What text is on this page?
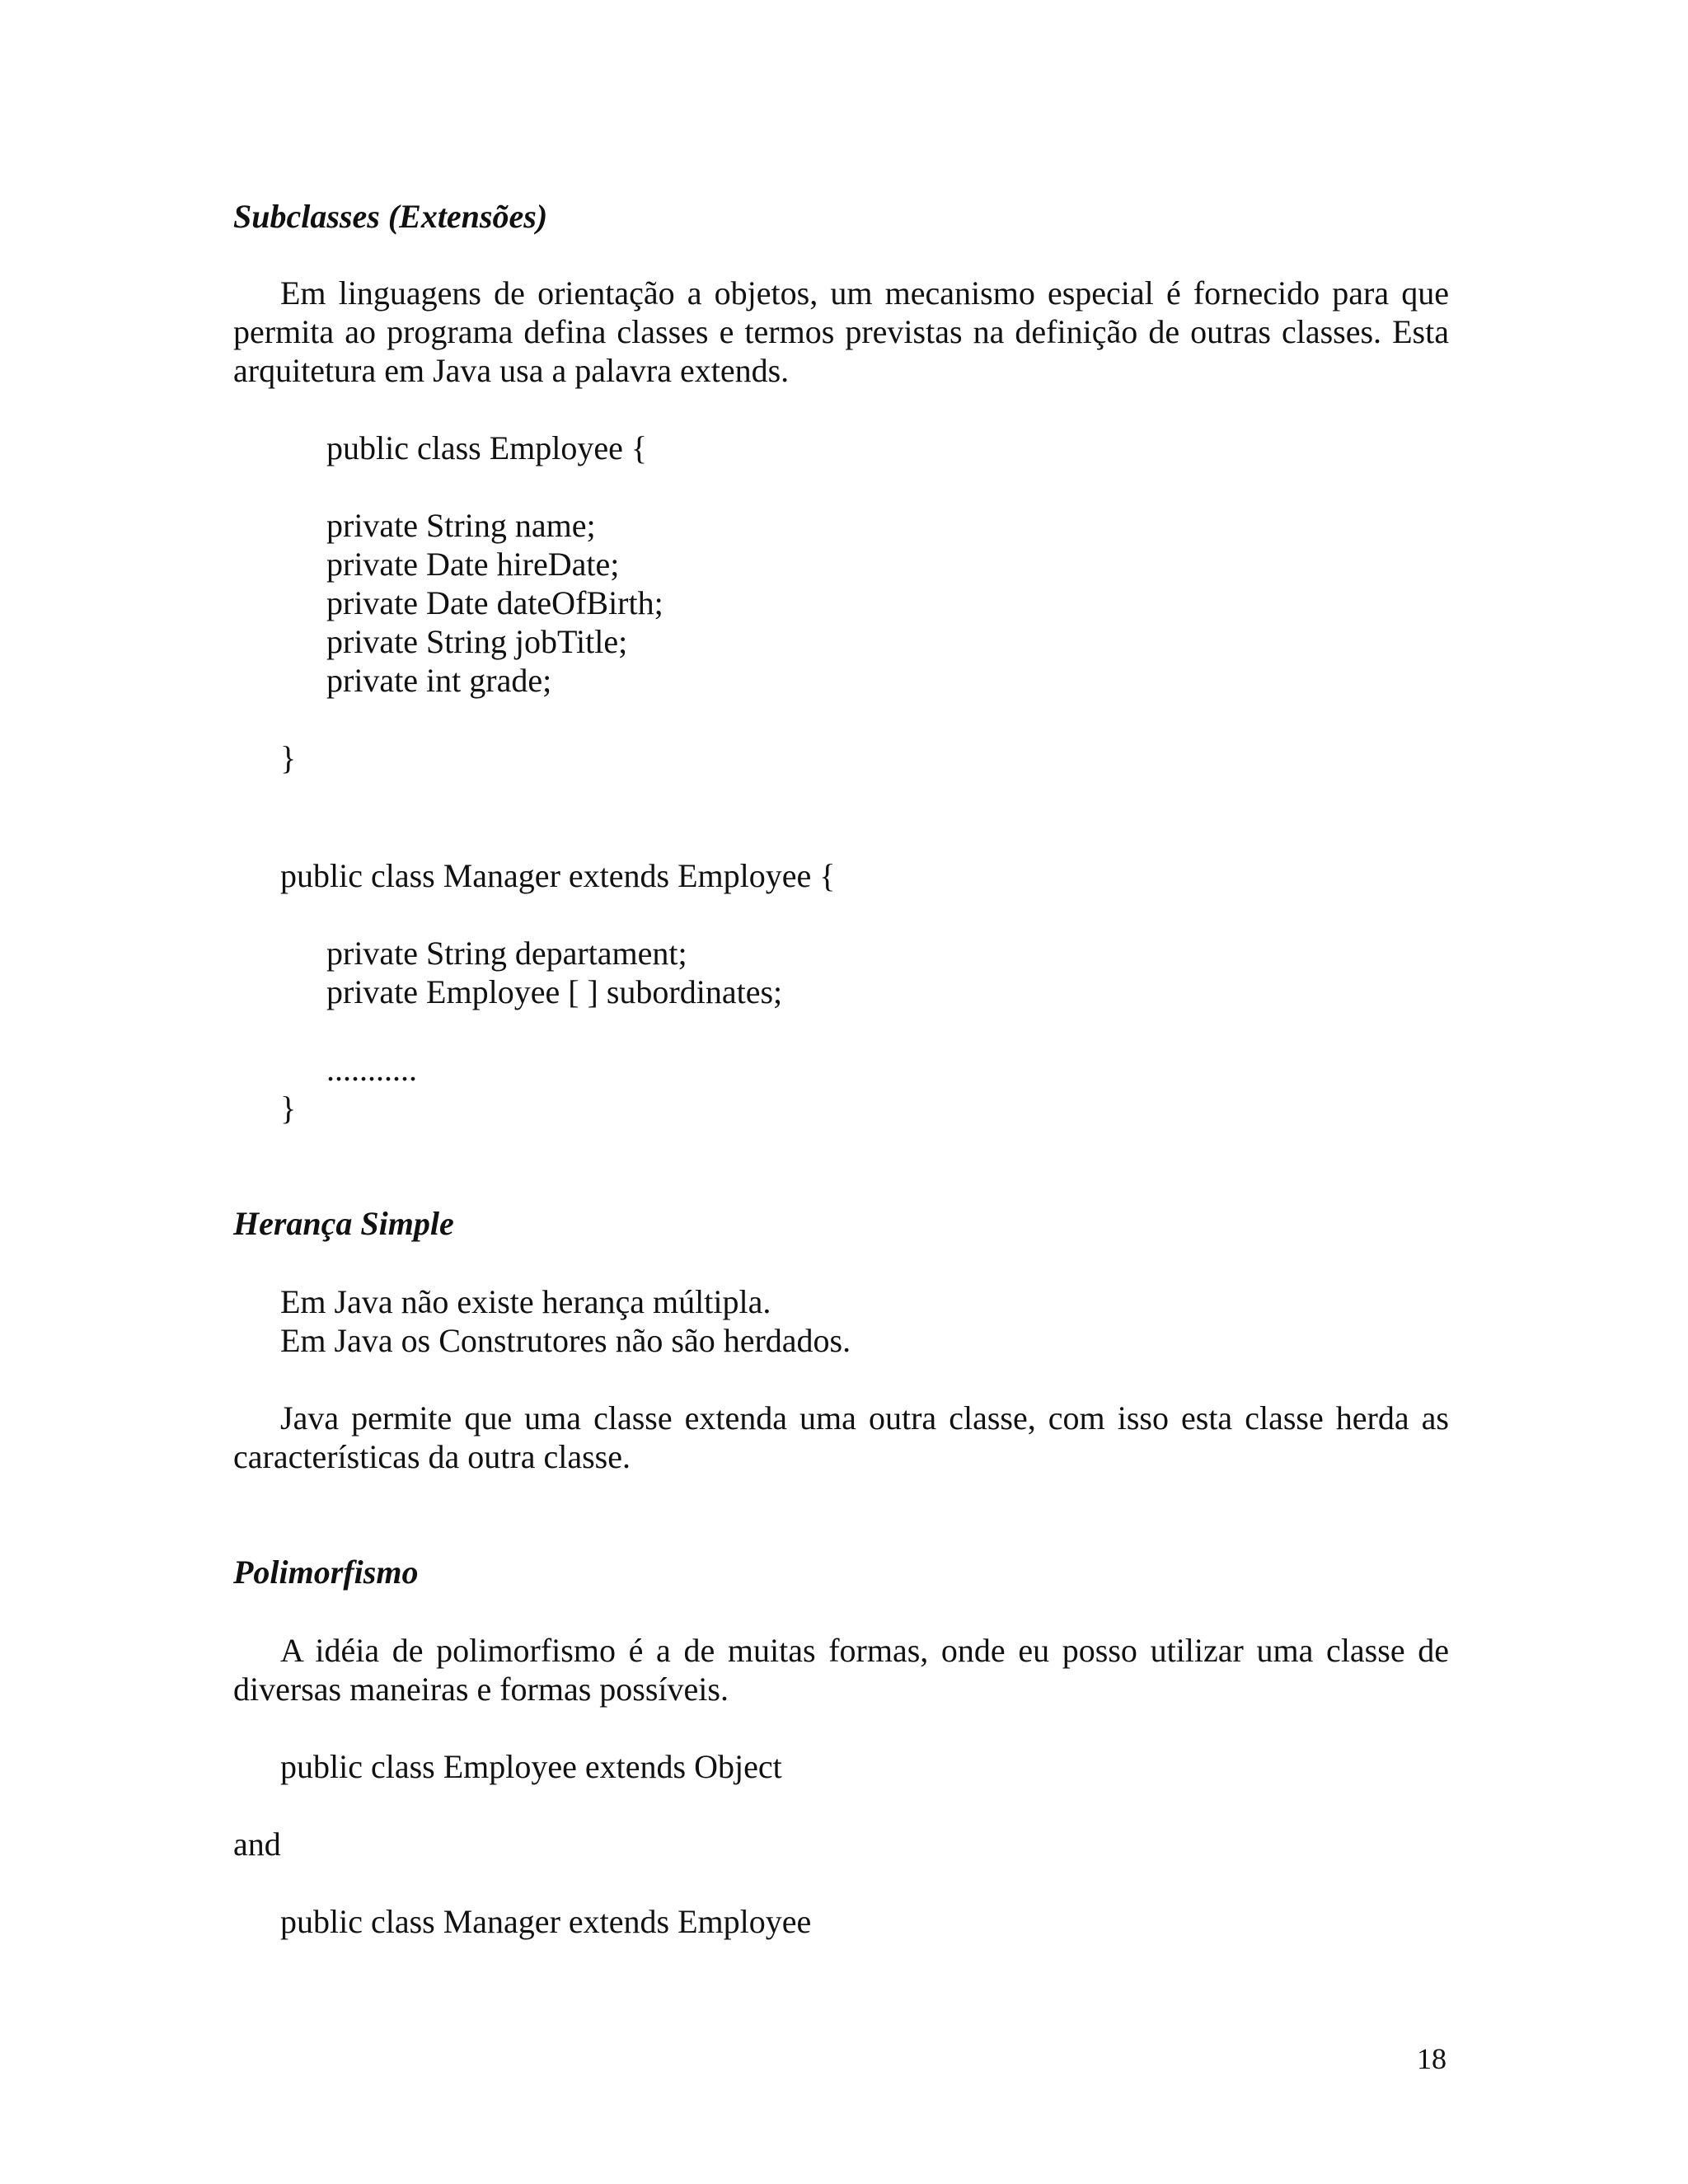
Subclasses (Extensões)
Em linguagens de orientação a objetos, um mecanismo especial é fornecido para que
permita ao programa defina classes e termos previstas na definição de outras classes. Esta
arquitetura em Java usa a palavra extends.
public class Employee {
private String name;
private Date hireDate;
private Date dateOfBirth;
private String jobTitle;
private int grade;
}
public class Manager extends Employee {
private String departament;
private Employee [ ] subordinates;
...........
}
Herança Simple
Em Java não existe herança múltipla.
Em Java os Construtores não são herdados.
Java permite que uma classe extenda uma outra classe, com isso esta classe herda as
características da outra classe.
Polimorfismo
A idéia de polimorfismo é a de muitas formas, onde eu posso utilizar uma classe de
diversas maneiras e formas possíveis.
public class Employee extends Object
and
public class Manager extends Employee
18
